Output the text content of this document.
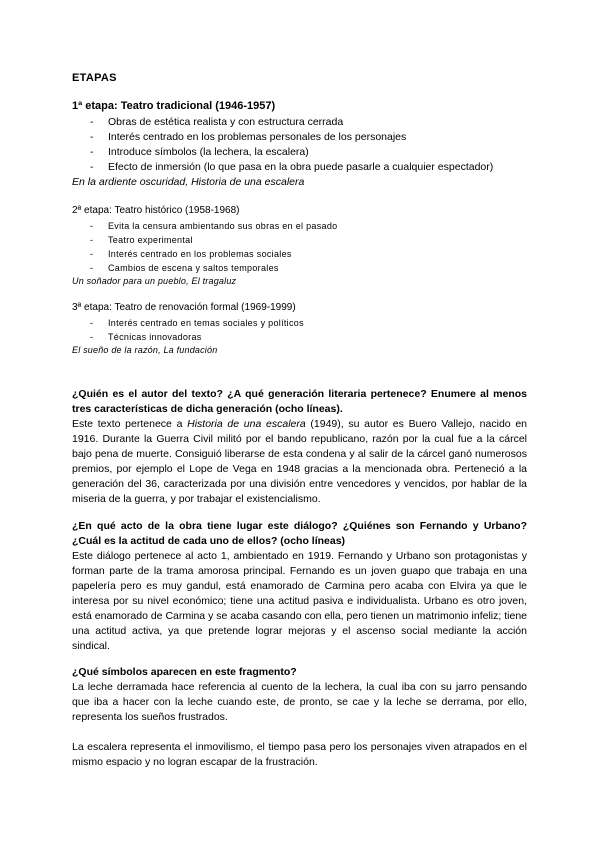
ETAPAS
1ª etapa: Teatro tradicional (1946-1957)
- Obras de estética realista y con estructura cerrada
- Interés centrado en los problemas personales de los personajes
- Introduce símbolos (la lechera, la escalera)
- Efecto de inmersión (lo que pasa en la obra puede pasarle a cualquier espectador)
En la ardiente oscuridad, Historia de una escalera
2ª etapa: Teatro histórico (1958-1968)
- Evita la censura ambientando sus obras en el pasado
- Teatro experimental
- Interés centrado en los problemas sociales
- Cambios de escena y saltos temporales
Un soñador para un pueblo, El tragaluz
3ª etapa: Teatro de renovación formal (1969-1999)
- Interés centrado en temas sociales y políticos
- Técnicas innovadoras
El sueño de la razón, La fundación

¿Quién es el autor del texto? ¿A qué generación literaria pertenece? Enumere al menos tres características de dicha generación (ocho líneas).

Este texto pertenece a Historia de una escalera (1949), su autor es Buero Vallejo, nacido en 1916. Durante la Guerra Civil militó por el bando republicano, razón por la cual fue a la cárcel bajo pena de muerte. Consiguió liberarse de esta condena y al salir de la cárcel ganó numerosos premios, por ejemplo el Lope de Vega en 1948 gracias a la mencionada obra. Perteneció a la generación del 36, caracterizada por una división entre vencedores y vencidos, por hablar de la miseria de la guerra, y por trabajar el existencialismo.

¿En qué acto de la obra tiene lugar este diálogo? ¿Quiénes son Fernando y Urbano? ¿Cuál es la actitud de cada uno de ellos? (ocho líneas)

Este diálogo pertenece al acto 1, ambientado en 1919. Fernando y Urbano son protagonistas y forman parte de la trama amorosa principal. Fernando es un joven guapo que trabaja en una papelería pero es muy gandul, está enamorado de Carmina pero acaba con Elvira ya que le interesa por su nivel económico; tiene una actitud pasiva e individualista. Urbano es otro joven, está enamorado de Carmina y se acaba casando con ella, pero tienen un matrimonio infeliz; tiene una actitud activa, ya que pretende lograr mejoras y el ascenso social mediante la acción sindical.

¿Qué símbolos aparecen en este fragmento?

La leche derramada hace referencia al cuento de la lechera, la cual iba con su jarro pensando que iba a hacer con la leche cuando este, de pronto, se cae y la leche se derrama, por ello, representa los sueños frustrados.

La escalera representa el inmovilismo, el tiempo pasa pero los personajes viven atrapados en el mismo espacio y no logran escapar de la frustración.
